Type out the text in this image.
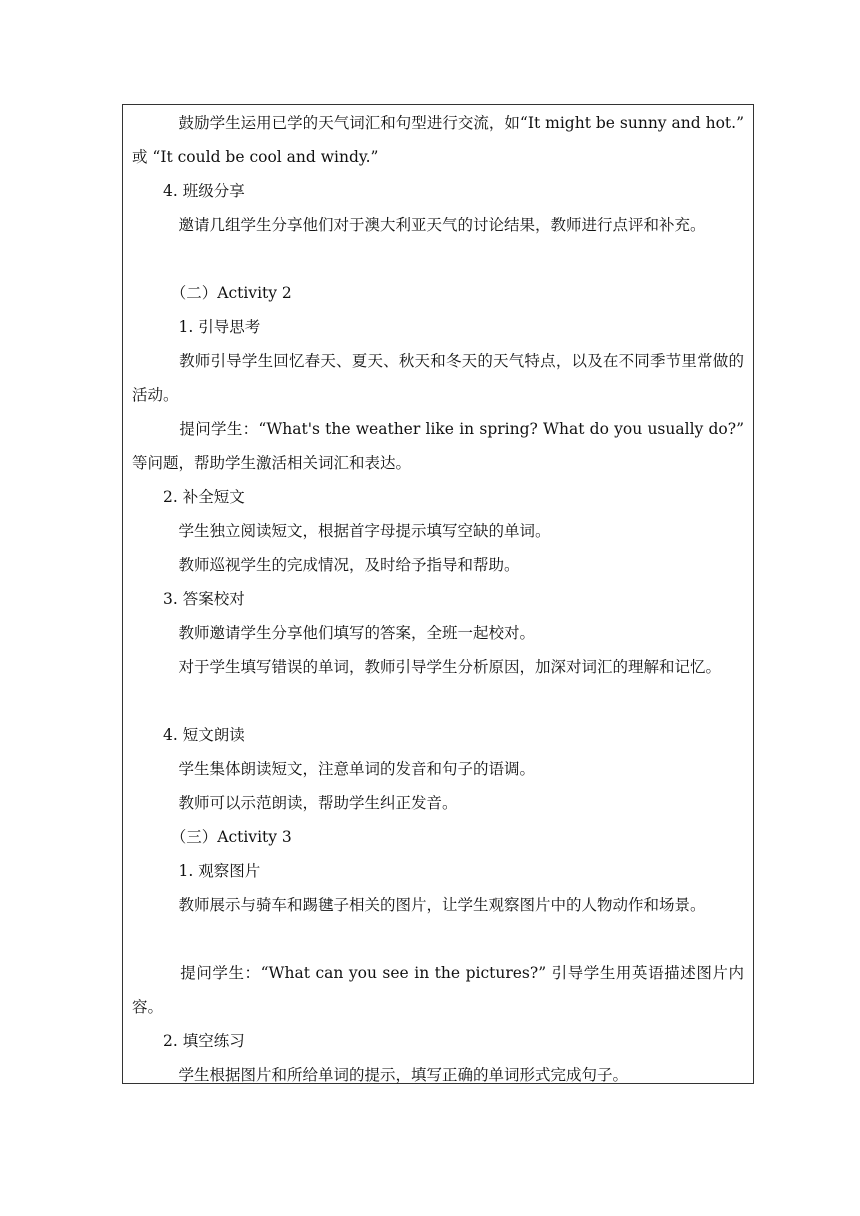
　　　鼓励学生运用已学的天气词汇和句型进行交流，如“It might be sunny and hot.” 或 “It could be cool and windy.”

　　4. 班级分享

　　　邀请几组学生分享他们对于澳大利亚天气的讨论结果，教师进行点评和补充。

　　　（二）Activity 2

　　　1. 引导思考

　　　教师引导学生回忆春天、夏天、秋天和冬天的天气特点，以及在不同季节里常做的活动。

　　　提问学生：“What's the weather like in spring? What do you usually do?” 等问题，帮助学生激活相关词汇和表达。

　　2. 补全短文

　　　学生独立阅读短文，根据首字母提示填写空缺的单词。

　　　教师巡视学生的完成情况，及时给予指导和帮助。

　　3. 答案校对

　　　教师邀请学生分享他们填写的答案，全班一起校对。

　　　对于学生填写错误的单词，教师引导学生分析原因，加深对词汇的理解和记忆。

　　4. 短文朗读

　　　学生集体朗读短文，注意单词的发音和句子的语调。

　　　教师可以示范朗读，帮助学生纠正发音。

　　　（三）Activity 3

　　　1. 观察图片

　　　教师展示与骑车和踢毽子相关的图片，让学生观察图片中的人物动作和场景。

　　　提问学生：“What can you see in the pictures?” 引导学生用英语描述图片内容。

　　2. 填空练习

　　　学生根据图片和所给单词的提示，填写正确的单词形式完成句子。
